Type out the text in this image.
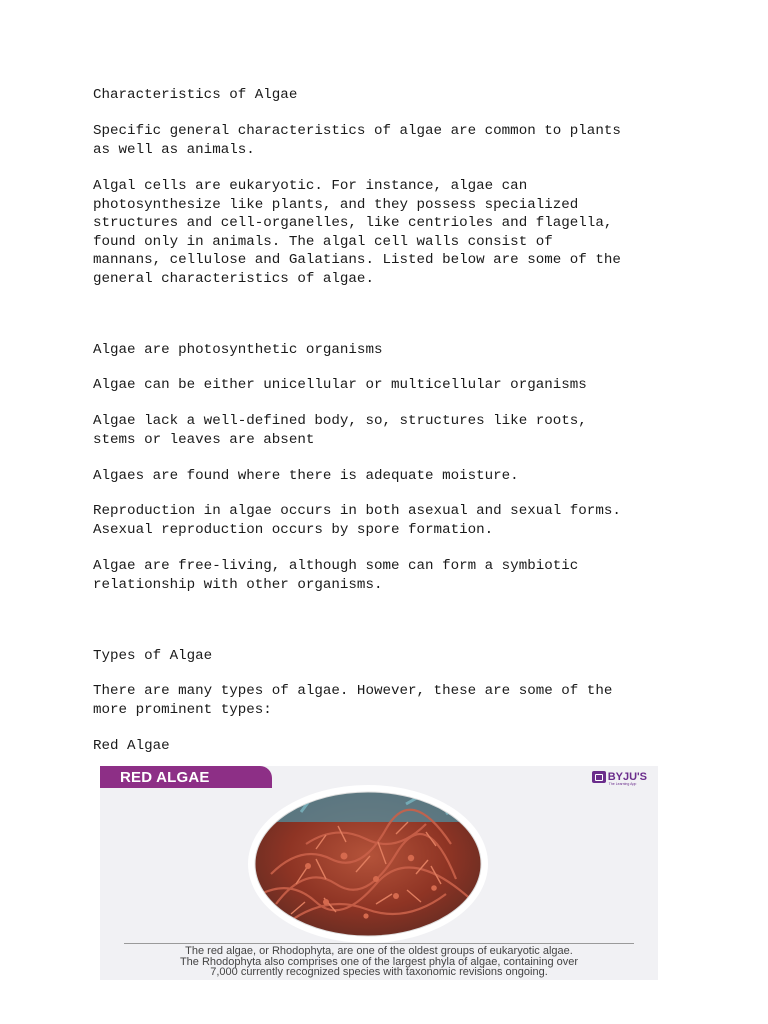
Characteristics of Algae
Specific general characteristics of algae are common to plants
as well as animals.
Algal cells are eukaryotic. For instance, algae can
photosynthesize like plants, and they possess specialized
structures and cell-organelles, like centrioles and flagella,
found only in animals. The algal cell walls consist of
mannans, cellulose and Galatians. Listed below are some of the
general characteristics of algae.
Algae are photosynthetic organisms
Algae can be either unicellular or multicellular organisms
Algae lack a well-defined body, so, structures like roots,
stems or leaves are absent
Algaes are found where there is adequate moisture.
Reproduction in algae occurs in both asexual and sexual forms.
Asexual reproduction occurs by spore formation.
Algae are free-living, although some can form a symbiotic
relationship with other organisms.
Types of Algae
There are many types of algae. However, these are some of the
more prominent types:
Red Algae
RED ALGAE	BYJU'S
The Learning App
The red algae, or Rhodophyta, are one of the oldest groups of eukaryotic algae.
The Rhodophyta also comprises one of the largest phyla of algae, containing over
7,000 currently recognized species with taxonomic revisions ongoing.
